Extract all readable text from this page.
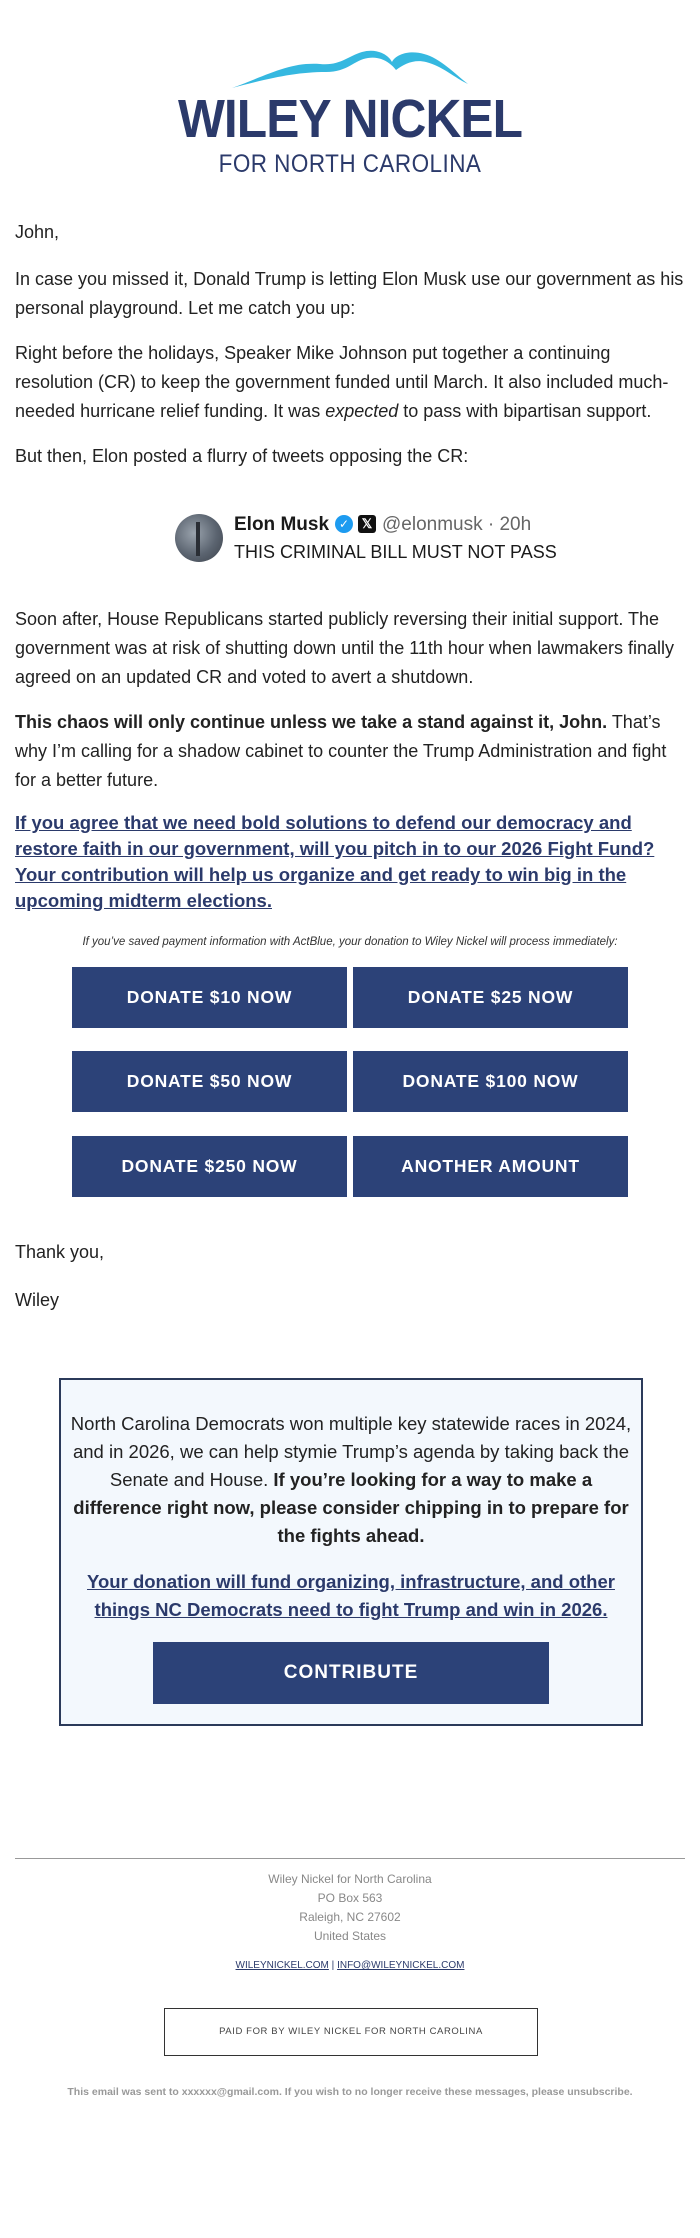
WILEY NICKEL
FOR NORTH CAROLINA

John,

In case you missed it, Donald Trump is letting Elon Musk use our government as his personal playground. Let me catch you up:

Right before the holidays, Speaker Mike Johnson put together a continuing resolution (CR) to keep the government funded until March. It also included much-needed hurricane relief funding. It was expected to pass with bipartisan support.

But then, Elon posted a flurry of tweets opposing the CR:

Elon Musk ✓ 𝕏 @elonmusk · 20h
THIS CRIMINAL BILL MUST NOT PASS

Soon after, House Republicans started publicly reversing their initial support. The government was at risk of shutting down until the 11th hour when lawmakers finally agreed on an updated CR and voted to avert a shutdown.

This chaos will only continue unless we take a stand against it, John. That’s why I’m calling for a shadow cabinet to counter the Trump Administration and fight for a better future.

If you agree that we need bold solutions to defend our democracy and restore faith in our government, will you pitch in to our 2026 Fight Fund? Your contribution will help us organize and get ready to win big in the upcoming midterm elections.

If you’ve saved payment information with ActBlue, your donation to Wiley Nickel will process immediately:
DONATE $10 NOW	DONATE $25 NOW
DONATE $50 NOW	DONATE $100 NOW
DONATE $250 NOW	ANOTHER AMOUNT

Thank you,

Wiley

North Carolina Democrats won multiple key statewide races in 2024, and in 2026, we can help stymie Trump’s agenda by taking back the Senate and House. If you’re looking for a way to make a difference right now, please consider chipping in to prepare for the fights ahead.
Your donation will fund organizing, infrastructure, and other things NC Democrats need to fight Trump and win in 2026.
CONTRIBUTE
Wiley Nickel for North Carolina
PO Box 563
Raleigh, NC 27602
United States
WILEYNICKEL.COM | INFO@WILEYNICKEL.COM
PAID FOR BY WILEY NICKEL FOR NORTH CAROLINA
This email was sent to xxxxxx@gmail.com. If you wish to no longer receive these messages, please unsubscribe.
